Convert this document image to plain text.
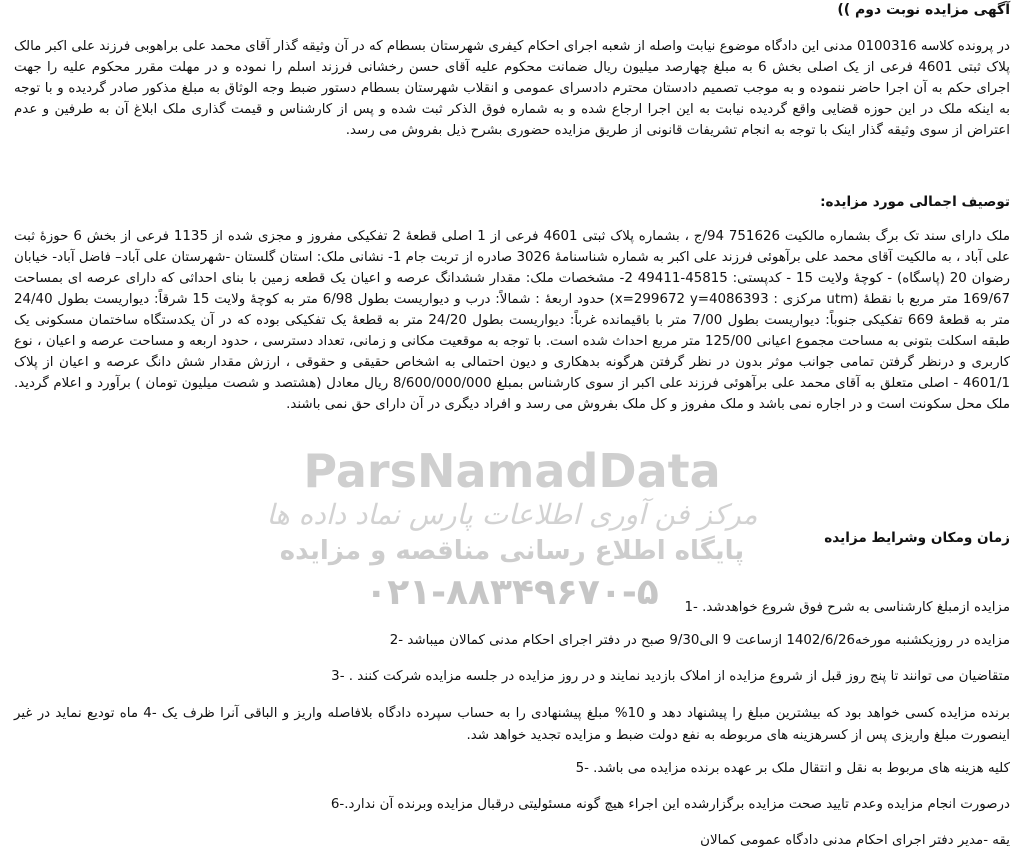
ParsNamadData
مرکز فن آوری اطلاعات پارس نماد داده ها
پایگاه اطلاع رسانی مناقصه و مزایده
۰۲۱-۸۸۳۴۹۶۷۰-۵
آگهی مزایده نوبت دوم ))
در پرونده کلاسه 0100316 مدنی این دادگاه موضوع نیابت واصله از شعبه اجرای احکام کیفری شهرستان بسطام که در آن وثیقه گذار آقای محمد علی براهوبی فرزند علی اکبر مالک پلاک ثبتی 4601 فرعی از یک اصلی بخش 6 به مبلغ چهارصد میلیون ریال ضمانت محکوم علیه آقای حسن رخشانی فرزند اسلم را نموده و در مهلت مقرر محکوم علیه را جهت اجرای حکم به آن اجرا حاضر ننموده و به موجب تصمیم دادستان محترم دادسرای عمومی و انقلاب شهرستان بسطام دستور ضبط وجه الوثاق به مبلغ مذکور صادر گردیده و با توجه به اینکه ملک در این حوزه قضایی واقع گردیده نیابت به این اجرا ارجاع شده و به شماره فوق الذکر ثبت شده و پس از کارشناس و قیمت گذاری ملک ابلاغ آن به طرفین و عدم اعتراض از سوی وثیقه گذار اینک با توجه به انجام تشریفات قانونی از طریق مزایده حضوری بشرح ذیل بفروش می رسد.
توصیف اجمالی مورد مزایده:
ملک دارای سند تک برگ بشماره مالکیت 751626 94/ج ، بشماره پلاک ثبتی 4601 فرعی از 1 اصلی قطعهٔ 2 تفکیکی مفروز و مجزی شده از 1135 فرعی از بخش 6 حوزهٔ ثبت علی آباد ، به مالکیت آقای محمد علی برآهوئی فرزند علی اکبر به شماره شناسنامهٔ 3026 صادره از تربت جام 1- نشانی ملک: استان گلستان -شهرستان علی آباد– فاضل آباد- خیابان رضوان 20 (پاسگاه) - کوچهٔ ولایت 15 - کدپستی: 45815-49411 2- مشخصات ملک: مقدار ششدانگ عرصه و اعیان یک قطعه زمین با بنای احداثی که دارای عرصه ای بمساحت 169/67 متر مربع با نقطهٔ (utm مرکزی : x=299672 y=4086393) حدود اربعهٔ : شمالاً: درب و دیواریست بطول 6/98 متر به کوچهٔ ولایت 15 شرقاً: دیواریست بطول 24/40 متر به قطعهٔ 669 تفکیکی جنوباً: دیواریست بطول 7/00 متر با باقیمانده غرباً: دیواریست بطول 24/20 متر به قطعهٔ یک تفکیکی بوده که در آن یکدستگاه ساختمان مسکونی یک طبقه اسکلت بتونی به مساحت مجموع اعیانی 125/00 متر مربع احداث شده است. با توجه به موقعیت مکانی و زمانی، تعداد دسترسی ، حدود اربعه و مساحت عرصه و اعیان ، نوع کاربری و درنظر گرفتن تمامی جوانب موثر بدون در نظر گرفتن هرگونه بدهکاری و دیون احتمالی به اشخاص حقیقی و حقوقی ، ارزش مقدار شش دانگ عرصه و اعیان از پلاک 4601/1 - اصلی متعلق به آقای محمد علی برآهوئی فرزند علی اکبر از سوی کارشناس بمبلغ 8/600/000/000 ریال معادل (هشتصد و شصت میلیون تومان ) برآورد و اعلام گردید. ملک محل سکونت است و در اجاره نمی باشد و ملک مفروز و کل ملک بفروش می رسد و افراد دیگری در آن دارای حق نمی باشند.
زمان ومکان وشرایط مزایده
مزایده ازمبلغ کارشناسی به شرح فوق شروع خواهدشد. -1
مزایده در روزیکشنبه مورخه1402/6/26 ازساعت 9 الی9/30 صبح در دفتر اجرای احکام مدنی کمالان میباشد -2
متقاضیان می توانند تا پنج روز قبل از شروع مزایده از املاک بازدید نمایند و در روز مزایده در جلسه مزایده شرکت کنند . -3
برنده مزایده کسی خواهد بود که بیشترین مبلغ را پیشنهاد دهد و 10% مبلغ پیشنهادی را به حساب سپرده دادگاه بلافاصله واریز و الباقی آنرا ظرف یک -4 ماه تودیع نماید در غیر اینصورت مبلغ واریزی پس از کسرهزینه های مربوطه به نفع دولت ضبط و مزایده تجدید خواهد شد.
کلیه هزینه های مربوط به نقل و انتقال ملک بر عهده برنده مزایده می باشد. -5
درصورت انجام مزایده وعدم تایید صحت مزایده برگزارشده این اجراء هیچ گونه مسئولیتی درقبال مزایده وبرنده آن ندارد.-6
یقه -مدیر دفتر اجرای احکام مدنی دادگاه عمومی کمالان
